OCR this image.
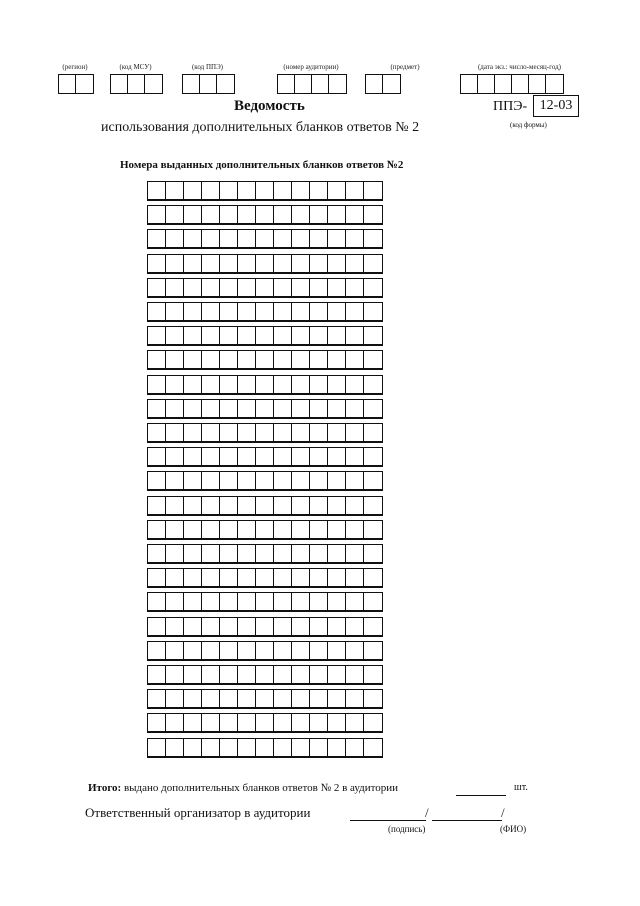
(регион)	(код МСУ)	(код ППЭ)	(номер аудитории)	(предмет)	(дата экз.: число-месяц-год)
Ведомость
использования дополнительных бланков ответов № 2
ППЭ- 12-03
(код формы)
Номера выданных дополнительных бланков ответов №2
Итого: выдано дополнительных бланков ответов № 2 в аудитории	шт.
Ответственный организатор в аудитории	/	/
(подпись)	(ФИО)
